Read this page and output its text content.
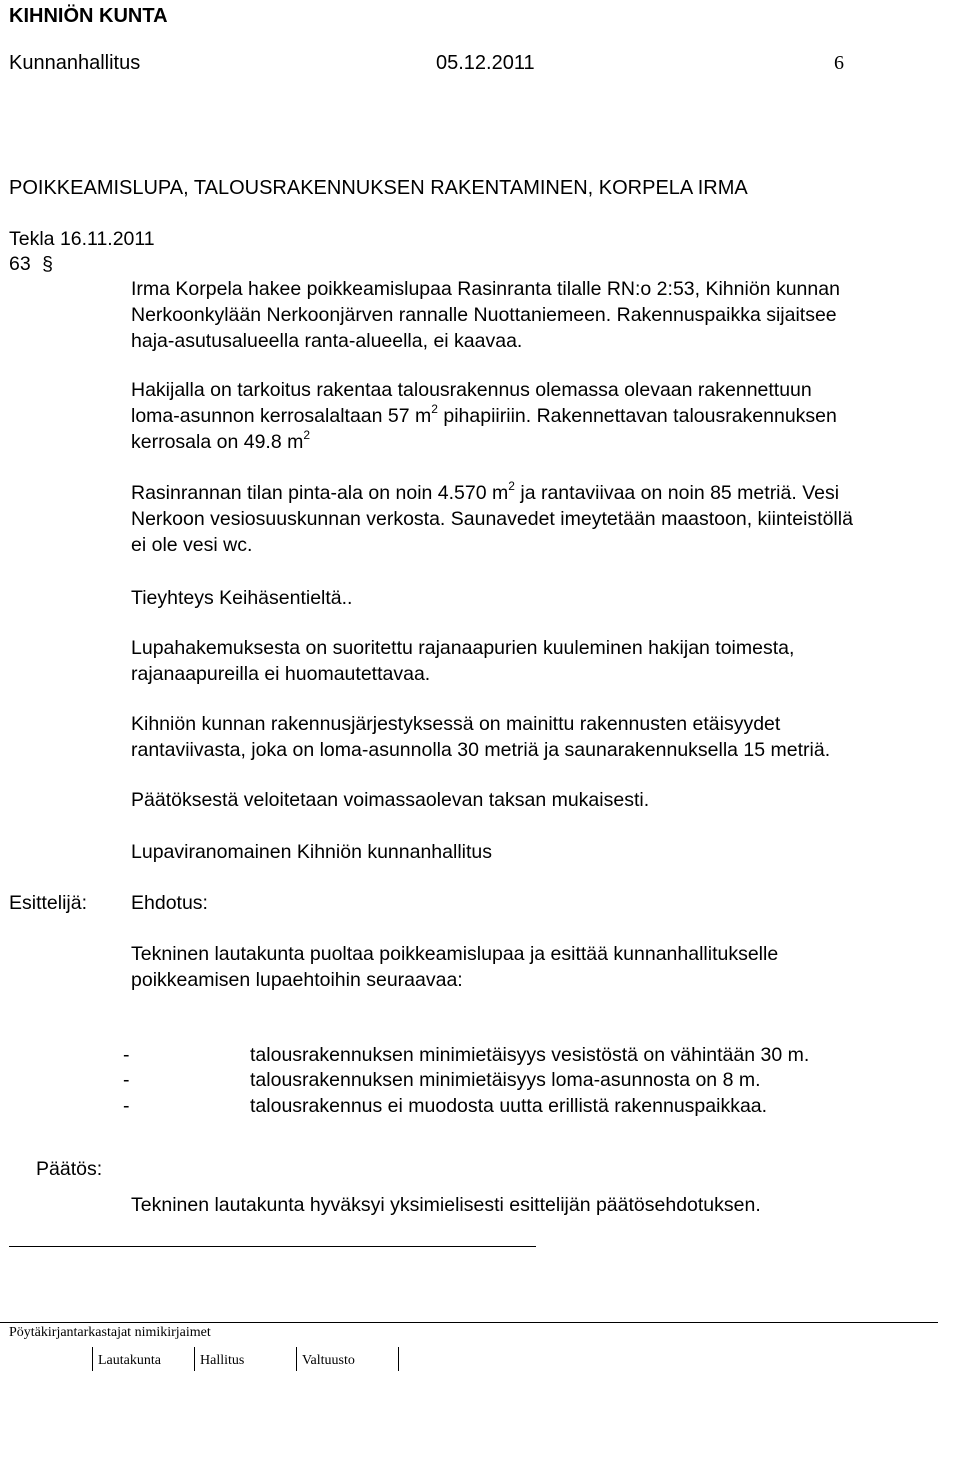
KIHNIÖN KUNTA
Kunnanhallitus	05.12.2011	6
POIKKEAMISLUPA, TALOUSRAKENNUKSEN RAKENTAMINEN, KORPELA IRMA
Tekla 16.11.2011
63 §
Irma Korpela hakee poikkeamislupaa Rasinranta tilalle RN:o 2:53, Kihniön kunnan
Nerkoonkylään Nerkoonjärven rannalle Nuottaniemeen. Rakennuspaikka sijaitsee
haja-asutusalueella ranta-alueella, ei kaavaa.
Hakijalla on tarkoitus rakentaa talousrakennus olemassa olevaan rakennettuun
loma-asunnon kerrosalaltaan 57 $m^2$ pihapiiriin. Rakennettavan talousrakennuksen
kerrosala on 49.8 $m^2$
Rasinrannan tilan pinta-ala on noin 4.570 $m^2$ ja rantaviivaa on noin 85 metriä. Vesi
Nerkoon vesiosuuskunnan verkosta. Saunavedet imeytetään maastoon, kiinteistöllä
ei ole vesi wc.
Tieyhteys Keihäsentieltä..
Lupahakemuksesta on suoritettu rajanaapurien kuuleminen hakijan toimesta,
rajanaapureilla ei huomautettavaa.
Kihniön kunnan rakennusjärjestyksessä on mainittu rakennusten etäisyydet
rantaviivasta, joka on loma-asunnolla 30 metriä ja saunarakennuksella 15 metriä.
Päätöksestä veloitetaan voimassaolevan taksan mukaisesti.
Lupaviranomainen Kihniön kunnanhallitus
Esittelijä: Ehdotus:
Tekninen lautakunta puoltaa poikkeamislupaa ja esittää kunnanhallitukselle
poikkeamisen lupaehtoihin seuraavaa:
-	talousrakennuksen minimietäisyys vesistöstä on vähintään 30 m.
-	talousrakennuksen minimietäisyys loma-asunnosta on 8 m.
-	talousrakennus ei muodosta uutta erillistä rakennuspaikkaa.
Päätös:
Tekninen lautakunta hyväksyi yksimielisesti esittelijän päätösehdotuksen.
Pöytäkirjantarkastajat nimikirjaimet
Lautakunta	Hallitus	Valtuusto
